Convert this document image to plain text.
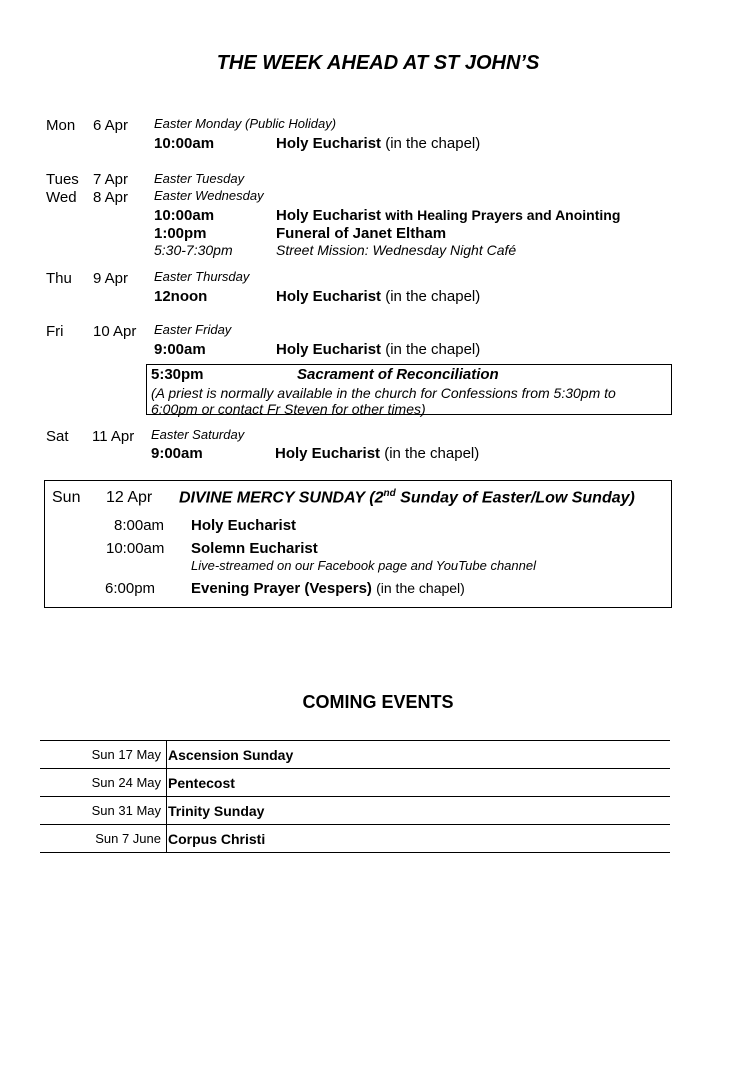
THE WEEK AHEAD AT ST JOHN’S
Mon 6 Apr Easter Monday (Public Holiday)
10:00am	Holy Eucharist (in the chapel)
Tues 7 Apr Easter Tuesday
Wed 8 Apr Easter Wednesday
10:00am	Holy Eucharist with Healing Prayers and Anointing
1:00pm	Funeral of Janet Eltham
5:30-7:30pm	Street Mission: Wednesday Night Café
Thu 9 Apr Easter Thursday
12noon	Holy Eucharist (in the chapel)
Fri 10 Apr Easter Friday
9:00am	Holy Eucharist (in the chapel)
5:30pm	Sacrament of Reconciliation
(A priest is normally available in the church for Confessions from 5:30pm to
6:00pm or contact Fr Steven for other times)
Sat 11 Apr Easter Saturday
9:00am	Holy Eucharist (in the chapel)
Sun 12 Apr DIVINE MERCY SUNDAY (2nd Sunday of Easter/Low Sunday)
8:00am Holy Eucharist
10:00am Solemn Eucharist
Live-streamed on our Facebook page and YouTube channel
6:00pm Evening Prayer (Vespers) (in the chapel)
COMING EVENTS
Sun 17 May Ascension Sunday
Sun 24 May Pentecost
Sun 31 May Trinity Sunday
Sun 7 June Corpus Christi
